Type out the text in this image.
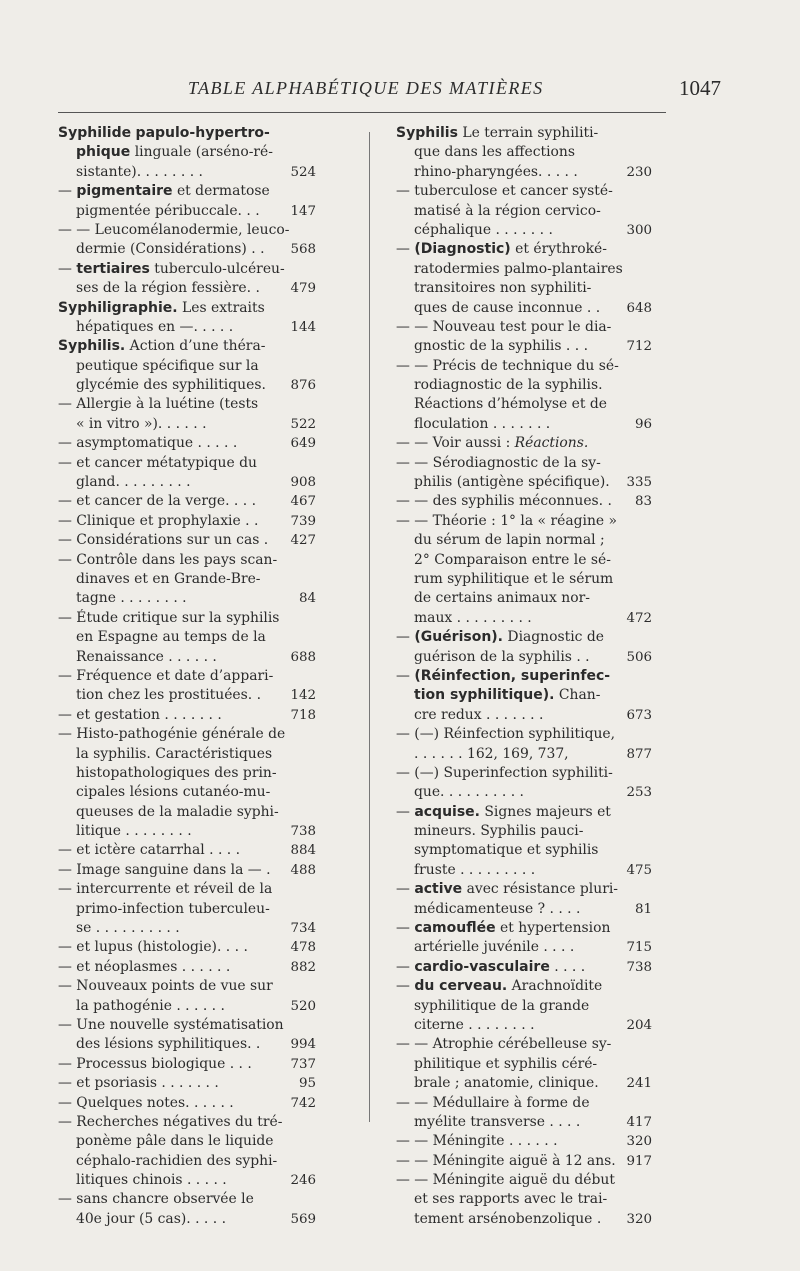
TABLE ALPHABÉTIQUE DES MATIÈRES	1047
Syphilide papulo-hypertro-
phique linguale (arséno-ré-
sistante). . . . . . . .	524
— pigmentaire et dermatose
pigmentée péribuccale. . . 147
— — Leucomélanodermie, leuco-
dermie (Considérations) . . 568
— tertiaires tuberculo-ulcéreu-
ses de la région fessière. . 479
Syphiligraphie. Les extraits
hépatiques en —. . . . .	144
Syphilis. Action d’une théra-
peutique spécifique sur la
glycémie des syphilitiques. 876
— Allergie à la luétine (tests
« in vitro »). . . . . .	522
— asymptomatique . . . . .	649
— et cancer métatypique du
gland. . . . . . . . .	908
— et cancer de la verge. . . .	467
— Clinique et prophylaxie . . 739
— Considérations sur un cas . 427
— Contrôle dans les pays scan-
dinaves et en Grande-Bre-
tagne . . . . . . . .	84
— Étude critique sur la syphilis
en Espagne au temps de la
Renaissance . . . . . .	688
— Fréquence et date d’appari-
tion chez les prostituées. . 142
— et gestation . . . . . . .	718
— Histo-pathogénie générale de
la syphilis. Caractéristiques
histopathologiques des prin-
cipales lésions cutanéo-mu-
queuses de la maladie syphi-
litique . . . . . . . .	738
— et ictère catarrhal . . . .	884
— Image sanguine dans la — . 488
— intercurrente et réveil de la
primo-infection tuberculeu-
se . . . . . . . . . .	734
— et lupus (histologie). . . .	478
— et néoplasmes . . . . . .	882
— Nouveaux points de vue sur
la pathogénie . . . . . .	520
— Une nouvelle systématisation
des lésions syphilitiques. . 994
— Processus biologique . . .	737
— et psoriasis . . . . . . .	95
— Quelques notes. . . . . .	742
— Recherches négatives du tré-
ponème pâle dans le liquide
céphalo-rachidien des syphi-
litiques chinois . . . . .	246
— sans chancre observée le
40e jour (5 cas). . . . .	569
Syphilis Le terrain syphiliti-
que dans les affections
rhino-pharyngées. . . . .	230
— tuberculose et cancer systé-
matisé à la région cervico-
céphalique . . . . . . .	300
— (Diagnostic) et érythroké-
ratodermies palmo-plantaires
transitoires non syphiliti-
ques de cause inconnue . . 648
— — Nouveau test pour le dia-
gnostic de la syphilis . . .	712
— — Précis de technique du sé-
rodiagnostic de la syphilis.
Réactions d’hémolyse et de
floculation . . . . . . .	96
— — Voir aussi : Réactions.
— — Sérodiagnostic de la sy-
philis (antigène spécifique). 335
— — des syphilis méconnues. . 83
— — Théorie : 1° la « réagine »
du sérum de lapin normal ;
2° Comparaison entre le sé-
rum syphilitique et le sérum
de certains animaux nor-
maux . . . . . . . . .	472
— (Guérison). Diagnostic de
guérison de la syphilis . .	506
— (Réinfection, superinfec-
tion syphilitique). Chan-
cre redux . . . . . . .	673
— (—) Réinfection syphilitique,
. . . . . . 162, 169, 737,	877
— (—) Superinfection syphiliti-
que. . . . . . . . . .	253
— acquise. Signes majeurs et
mineurs. Syphilis pauci-
symptomatique et syphilis
fruste . . . . . . . . .	475
— active avec résistance pluri-
médicamenteuse ? . . . .	81
— camouflée et hypertension
artérielle juvénile . . . .	715
— cardio-vasculaire . . . .	738
— du cerveau. Arachnoïdite
syphilitique de la grande
citerne . . . . . . . .	204
— — Atrophie cérébelleuse sy-
philitique et syphilis céré-
brale ; anatomie, clinique. 241
— — Médullaire à forme de
myélite transverse . . . .	417
— — Méningite . . . . . .	320
— — Méningite aiguë à 12 ans. 917
— — Méningite aiguë du début
et ses rapports avec le trai-
tement arsénobenzolique . 320
